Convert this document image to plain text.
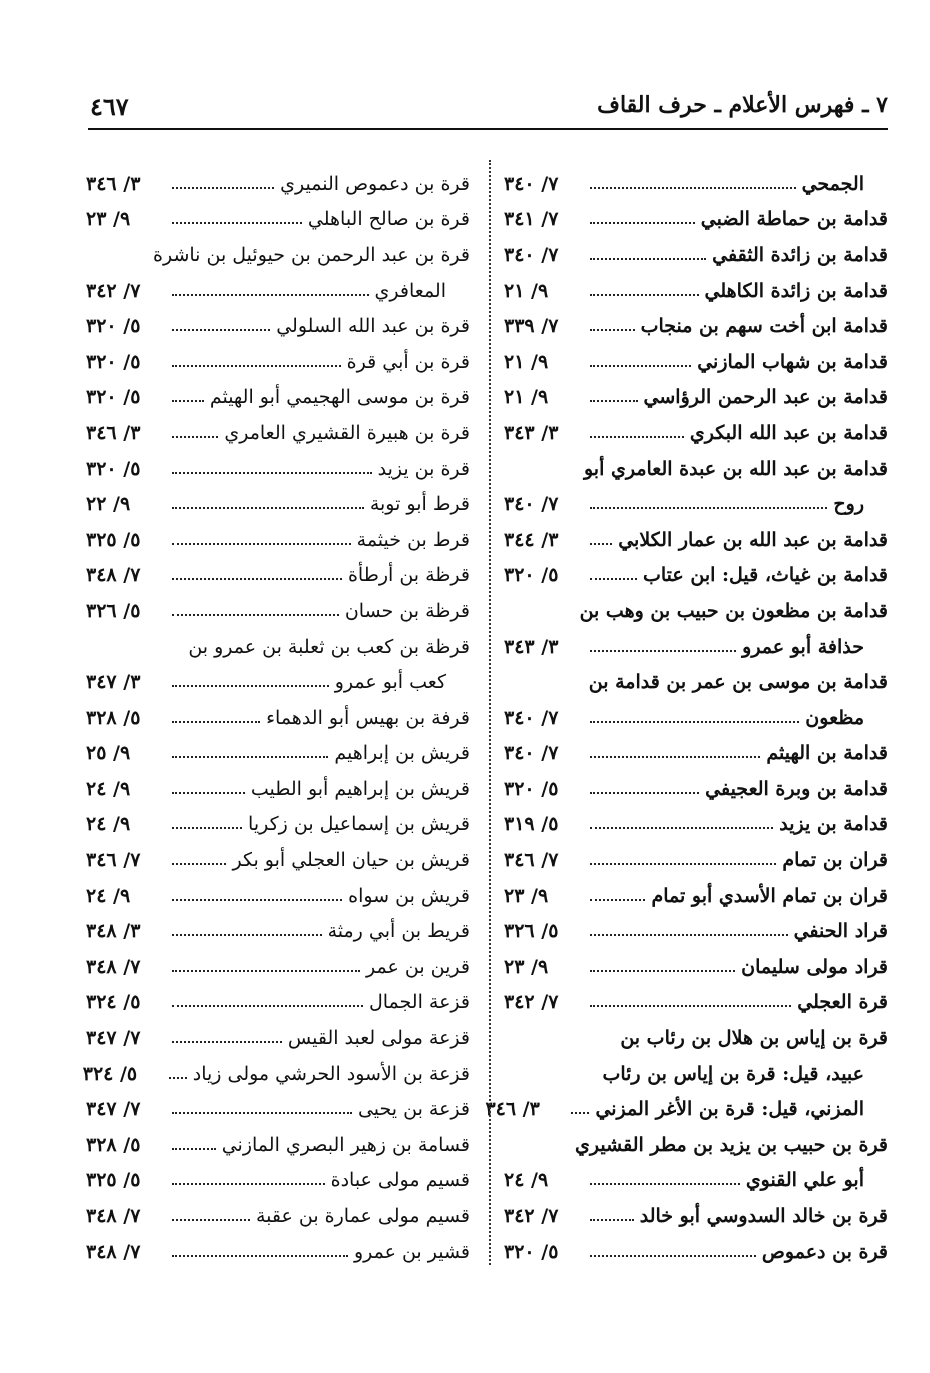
٧ ـ فهرس الأعلام ـ حرف القاف
٤٦٧
الجمحي
٧/ ٣٤٠
قدامة بن حماطة الضبي
٧/ ٣٤١
قدامة بن زائدة الثقفي
٧/ ٣٤٠
قدامة بن زائدة الكاهلي
٩/ ٢١
قدامة ابن أخت سهم بن منجاب
٧/ ٣٣٩
قدامة بن شهاب المازني
٩/ ٢١
قدامة بن عبد الرحمن الرؤاسي
٩/ ٢١
قدامة بن عبد الله البكري
٣/ ٣٤٣
قدامة بن عبد الله بن عبدة العامري أبو
روح
٧/ ٣٤٠
قدامة بن عبد الله بن عمار الكلابي
٣/ ٣٤٤
قدامة بن غياث، قيل: ابن عتاب
٥/ ٣٢٠
قدامة بن مظعون بن حبيب بن وهب بن
حذافة أبو عمرو
٣/ ٣٤٣
قدامة بن موسى بن عمر بن قدامة بن
مظعون
٧/ ٣٤٠
قدامة بن الهيثم
٧/ ٣٤٠
قدامة بن وبرة العجيفي
٥/ ٣٢٠
قدامة بن يزيد
٥/ ٣١٩
قران بن تمام
٧/ ٣٤٦
قران بن تمام الأسدي أبو تمام
٩/ ٢٣
قراد الحنفي
٥/ ٣٢٦
قراد مولى سليمان
٩/ ٢٣
قرة العجلي
٧/ ٣٤٢
قرة بن إياس بن هلال بن رئاب بن
عبيد، قيل: قرة بن إياس بن رئاب
المزني، قيل: قرة بن الأغر المزني
٣/ ٣٤٦
قرة بن حبيب بن يزيد بن مطر القشيري
أبو علي القنوي
٩/ ٢٤
قرة بن خالد السدوسي أبو خالد
٧/ ٣٤٢
قرة بن دعموص
٥/ ٣٢٠
قرة بن دعموص النميري
٣/ ٣٤٦
قرة بن صالح الباهلي
٩/ ٢٣
قرة بن عبد الرحمن بن حيوئيل بن ناشرة
المعافري
٧/ ٣٤٢
قرة بن عبد الله السلولي
٥/ ٣٢٠
قرة بن أبي قرة
٥/ ٣٢٠
قرة بن موسى الهجيمي أبو الهيثم
٥/ ٣٢٠
قرة بن هبيرة القشيري العامري
٣/ ٣٤٦
قرة بن يزيد
٥/ ٣٢٠
قرط أبو توبة
٩/ ٢٢
قرط بن خيثمة
٥/ ٣٢٥
قرظة بن أرطأة
٧/ ٣٤٨
قرظة بن حسان
٥/ ٣٢٦
قرظة بن كعب بن ثعلبة بن عمرو بن
كعب أبو عمرو
٣/ ٣٤٧
قرفة بن بهيس أبو الدهماء
٥/ ٣٢٨
قريش بن إبراهيم
٩/ ٢٥
قريش بن إبراهيم أبو الطيب
٩/ ٢٤
قريش بن إسماعيل بن زكريا
٩/ ٢٤
قريش بن حيان العجلي أبو بكر
٧/ ٣٤٦
قريش بن سواه
٩/ ٢٤
قريط بن أبي رمثة
٣/ ٣٤٨
قرين بن عمر
٧/ ٣٤٨
قزعة الجمال
٥/ ٣٢٤
قزعة مولى لعبد القيس
٧/ ٣٤٧
قزعة بن الأسود الحرشي مولى زياد
٥/ ٣٢٤
قزعة بن يحيى
٧/ ٣٤٧
قسامة بن زهير البصري المازني
٥/ ٣٢٨
قسيم مولى عبادة
٥/ ٣٢٥
قسيم مولى عمارة بن عقبة
٧/ ٣٤٨
قشير بن عمرو
٧/ ٣٤٨
